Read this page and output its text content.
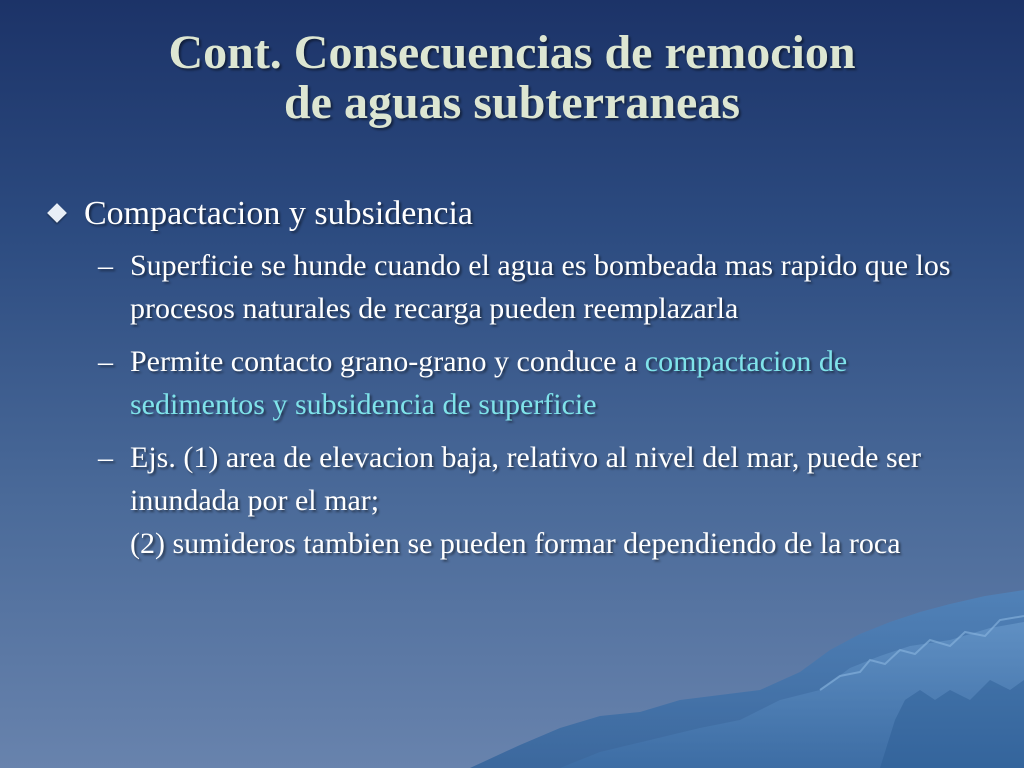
Cont. Consecuencias de remocion
de aguas subterraneas
Compactacion y subsidencia
– Superficie se hunde cuando el agua es bombeada mas rapido que los procesos naturales de recarga pueden reemplazarla
– Permite contacto grano-grano y conduce a compactacion de sedimentos y subsidencia de superficie
– Ejs. (1) area de elevacion baja, relativo al nivel del mar, puede ser inundada por el mar;
(2) sumideros tambien se pueden formar dependiendo de la roca
